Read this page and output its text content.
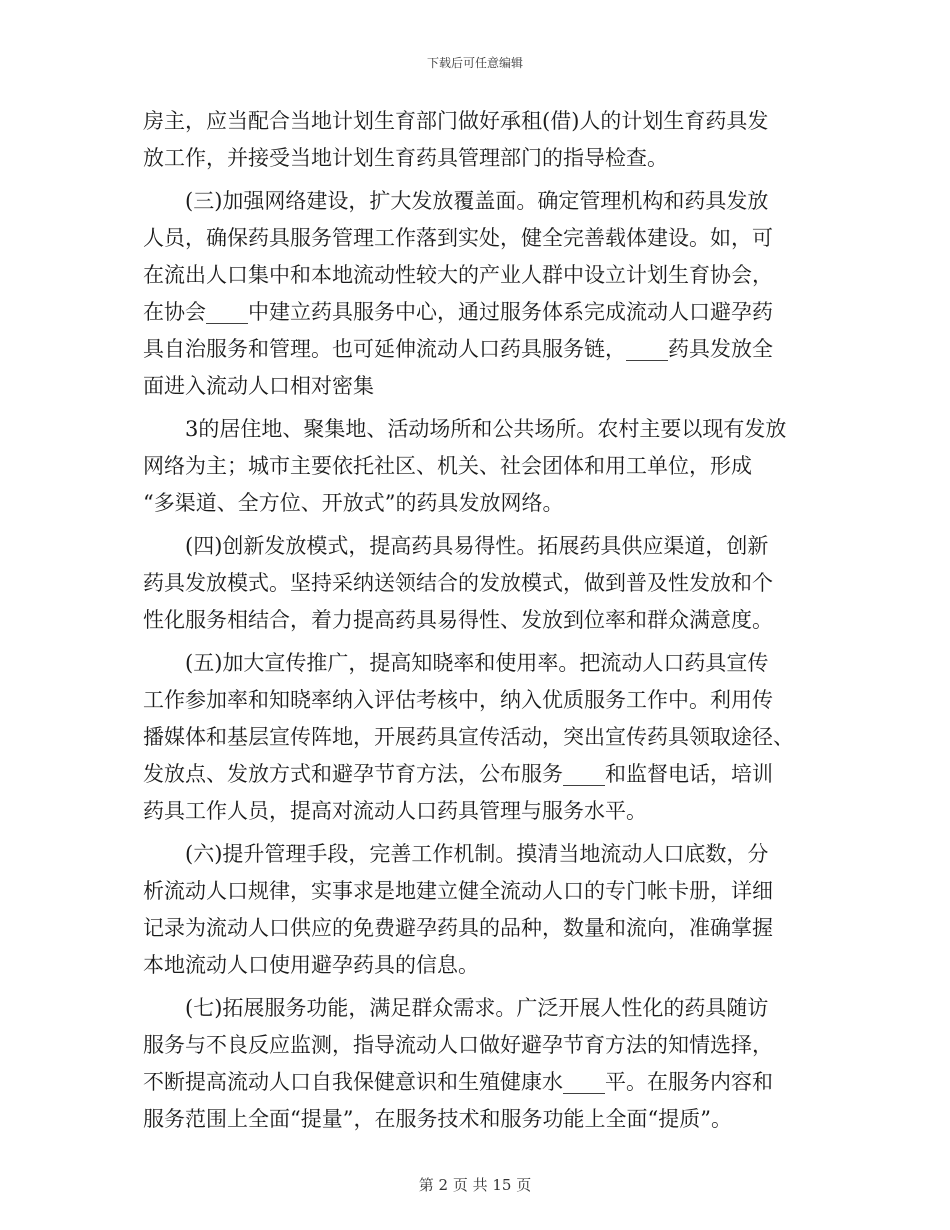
下载后可任意编辑
房主，应当配合当地计划生育部门做好承租(借)人的计划生育药具发
放工作，并接受当地计划生育药具管理部门的指导检查。
(三)加强网络建设，扩大发放覆盖面。确定管理机构和药具发放
人员，确保药具服务管理工作落到实处，健全完善载体建设。如，可
在流出人口集中和本地流动性较大的产业人群中设立计划生育协会，
在协会____中建立药具服务中心，通过服务体系完成流动人口避孕药
具自治服务和管理。也可延伸流动人口药具服务链，____药具发放全
面进入流动人口相对密集
3的居住地、聚集地、活动场所和公共场所。农村主要以现有发放
网络为主；城市主要依托社区、机关、社会团体和用工单位，形成
“多渠道、全方位、开放式”的药具发放网络。
(四)创新发放模式，提高药具易得性。拓展药具供应渠道，创新
药具发放模式。坚持采纳送领结合的发放模式，做到普及性发放和个
性化服务相结合，着力提高药具易得性、发放到位率和群众满意度。
(五)加大宣传推广，提高知晓率和使用率。把流动人口药具宣传
工作参加率和知晓率纳入评估考核中，纳入优质服务工作中。利用传
播媒体和基层宣传阵地，开展药具宣传活动，突出宣传药具领取途径、
发放点、发放方式和避孕节育方法，公布服务____和监督电话，培训
药具工作人员，提高对流动人口药具管理与服务水平。
(六)提升管理手段，完善工作机制。摸清当地流动人口底数，分
析流动人口规律，实事求是地建立健全流动人口的专门帐卡册，详细
记录为流动人口供应的免费避孕药具的品种，数量和流向，准确掌握
本地流动人口使用避孕药具的信息。
(七)拓展服务功能，满足群众需求。广泛开展人性化的药具随访
服务与不良反应监测，指导流动人口做好避孕节育方法的知情选择，
不断提高流动人口自我保健意识和生殖健康水____平。在服务内容和
服务范围上全面“提量”，在服务技术和服务功能上全面“提质”。
第 2 页 共 15 页
